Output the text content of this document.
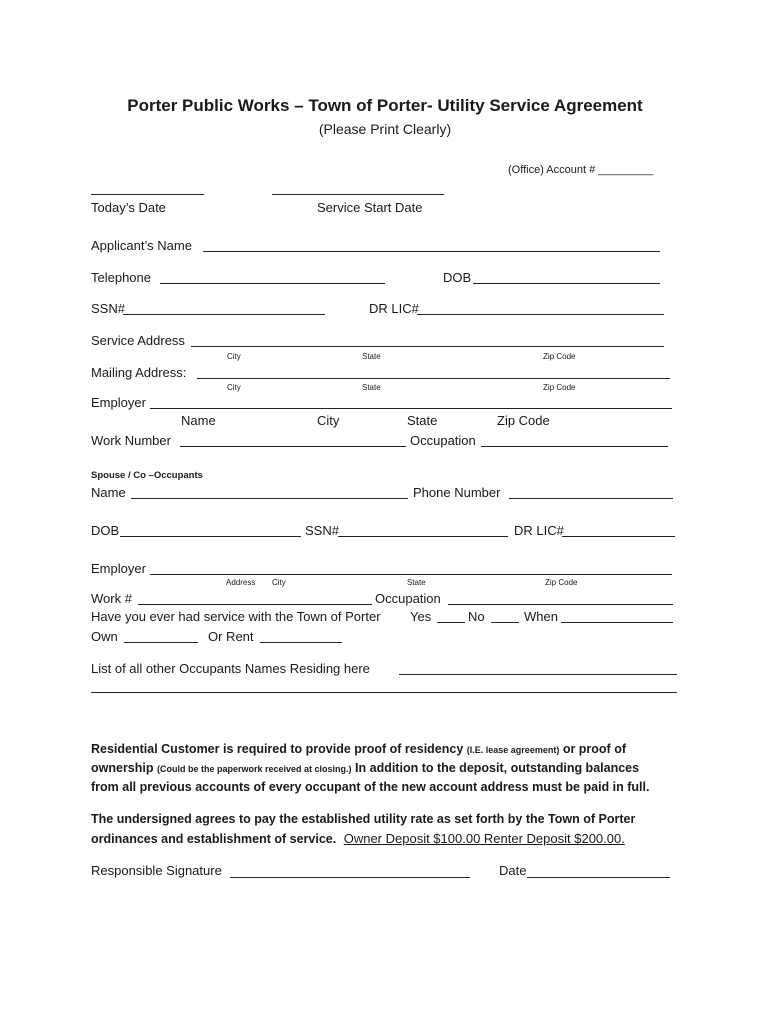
Porter Public Works – Town of Porter- Utility Service Agreement
(Please Print Clearly)
(Office) Account # _________
Today’s Date	Service Start Date
Applicant’s Name
Telephone	DOB
SSN#	DR LIC#
Service Address
City	State	Zip Code
Mailing Address:
City	State	Zip Code
Employer
Name	City	State	Zip Code
Work Number	Occupation
Spouse / Co –Occupants
Name	Phone Number
DOB	SSN#	DR LIC#
Employer
Address City	State	Zip Code
Work #	Occupation
Have you ever had service with the Town of Porter Yes	No	When
Own	Or Rent
List of all other Occupants Names Residing here
Residential Customer is required to provide proof of residency (I.E. lease agreement) or proof of
ownership (Could be the paperwork received at closing.) In addition to the deposit, outstanding balances
from all previous accounts of every occupant of the new account address must be paid in full.
The undersigned agrees to pay the established utility rate as set forth by the Town of Porter
ordinances and establishment of service. Owner Deposit $100.00 Renter Deposit $200.00.
Responsible Signature	Date
